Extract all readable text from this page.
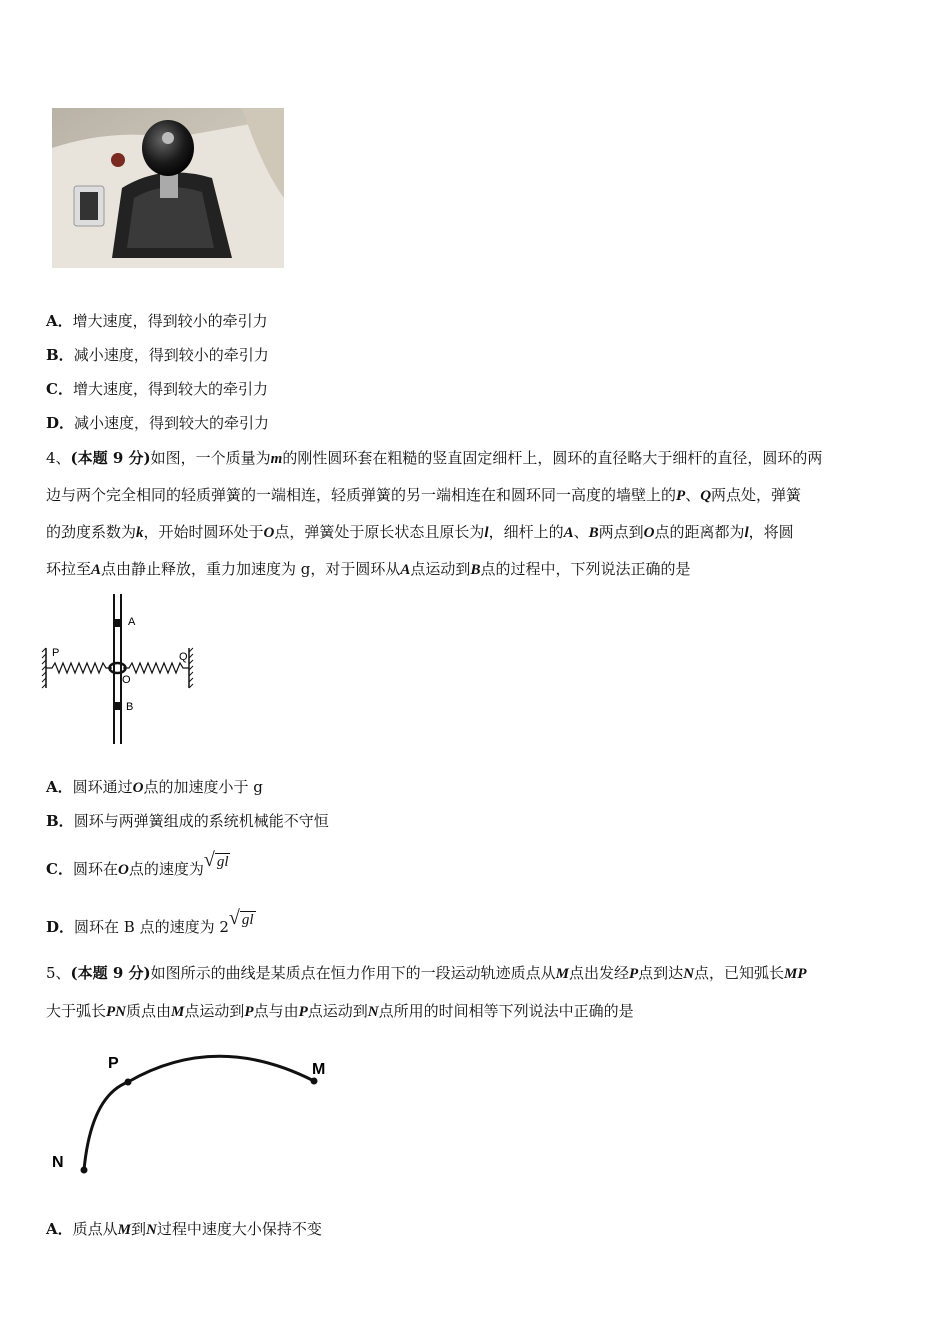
A．增大速度，得到较小的牵引力
B．减小速度，得到较小的牵引力
C．增大速度，得到较大的牵引力
D．减小速度，得到较大的牵引力
4、(本题 9 分)如图，一个质量为m的刚性圆环套在粗糙的竖直固定细杆上，圆环的直径略大于细杆的直径，圆环的两
边与两个完全相同的轻质弹簧的一端相连，轻质弹簧的另一端相连在和圆环同一高度的墙壁上的P、Q两点处，弹簧
的劲度系数为k，开始时圆环处于O点，弹簧处于原长状态且原长为l，细杆上的A、B两点到O点的距离都为l，将圆
环拉至A点由静止释放，重力加速度为 g，对于圆环从A点运动到B点的过程中，下列说法正确的是
A
P	Q
O
B
A．圆环通过O点的加速度小于 g
B．圆环与两弹簧组成的系统机械能不守恒
C．圆环在O点的速度为√ gl
D．圆环在 B 点的速度为 2√ gl
5、(本题 9 分)如图所示的曲线是某质点在恒力作用下的一段运动轨迹质点从M点出发经P点到达N点，已知弧长MP
大于弧长PN质点由M点运动到P点与由P点运动到N点所用的时间相等下列说法中正确的是
P	M
N
A．质点从M到N过程中速度大小保持不变
